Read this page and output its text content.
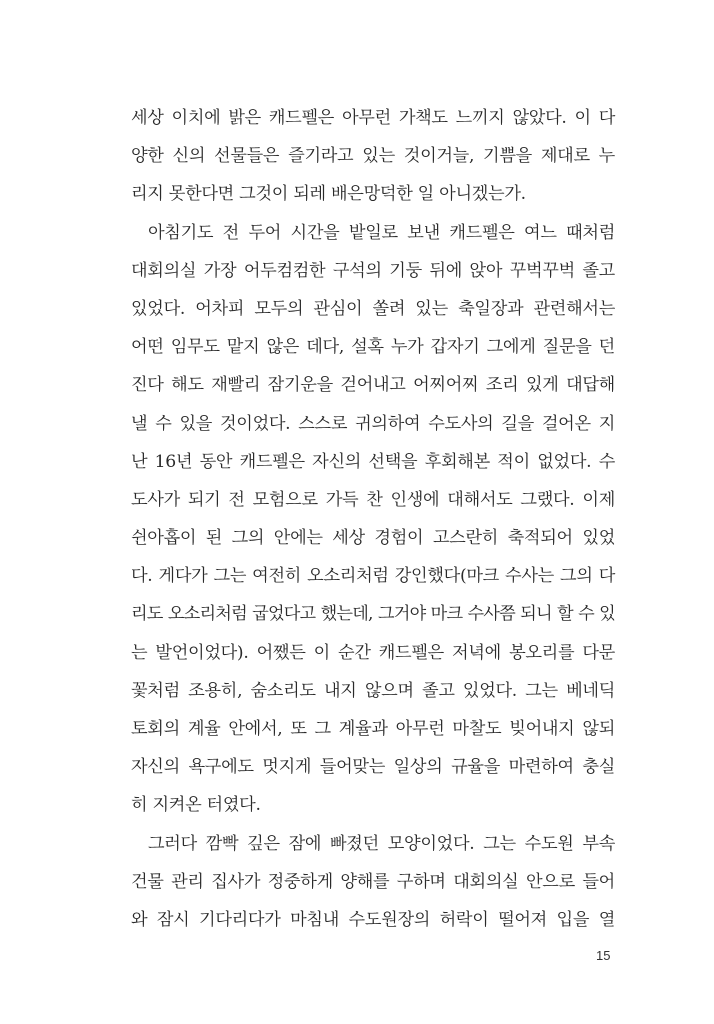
세상 이치에 밝은 캐드펠은 아무런 가책도 느끼지 않았다. 이 다
양한 신의 선물들은 즐기라고 있는 것이거늘, 기쁨을 제대로 누
리지 못한다면 그것이 되레 배은망덕한 일 아니겠는가.
아침기도 전 두어 시간을 밭일로 보낸 캐드펠은 여느 때처럼
대회의실 가장 어두컴컴한 구석의 기둥 뒤에 앉아 꾸벅꾸벅 졸고
있었다. 어차피 모두의 관심이 쏠려 있는 축일장과 관련해서는
어떤 임무도 맡지 않은 데다, 설혹 누가 갑자기 그에게 질문을 던
진다 해도 재빨리 잠기운을 걷어내고 어찌어찌 조리 있게 대답해
낼 수 있을 것이었다. 스스로 귀의하여 수도사의 길을 걸어온 지
난 16년 동안 캐드펠은 자신의 선택을 후회해본 적이 없었다. 수
도사가 되기 전 모험으로 가득 찬 인생에 대해서도 그랬다. 이제
쉰아홉이 된 그의 안에는 세상 경험이 고스란히 축적되어 있었
다. 게다가 그는 여전히 오소리처럼 강인했다(마크 수사는 그의 다
리도 오소리처럼 굽었다고 했는데, 그거야 마크 수사쯤 되니 할 수 있
는 발언이었다). 어쨌든 이 순간 캐드펠은 저녁에 봉오리를 다문
꽃처럼 조용히, 숨소리도 내지 않으며 졸고 있었다. 그는 베네딕
토회의 계율 안에서, 또 그 계율과 아무런 마찰도 빚어내지 않되
자신의 욕구에도 멋지게 들어맞는 일상의 규율을 마련하여 충실
히 지켜온 터였다.
그러다 깜빡 깊은 잠에 빠졌던 모양이었다. 그는 수도원 부속
건물 관리 집사가 정중하게 양해를 구하며 대회의실 안으로 들어
와 잠시 기다리다가 마침내 수도원장의 허락이 떨어져 입을 열
15
